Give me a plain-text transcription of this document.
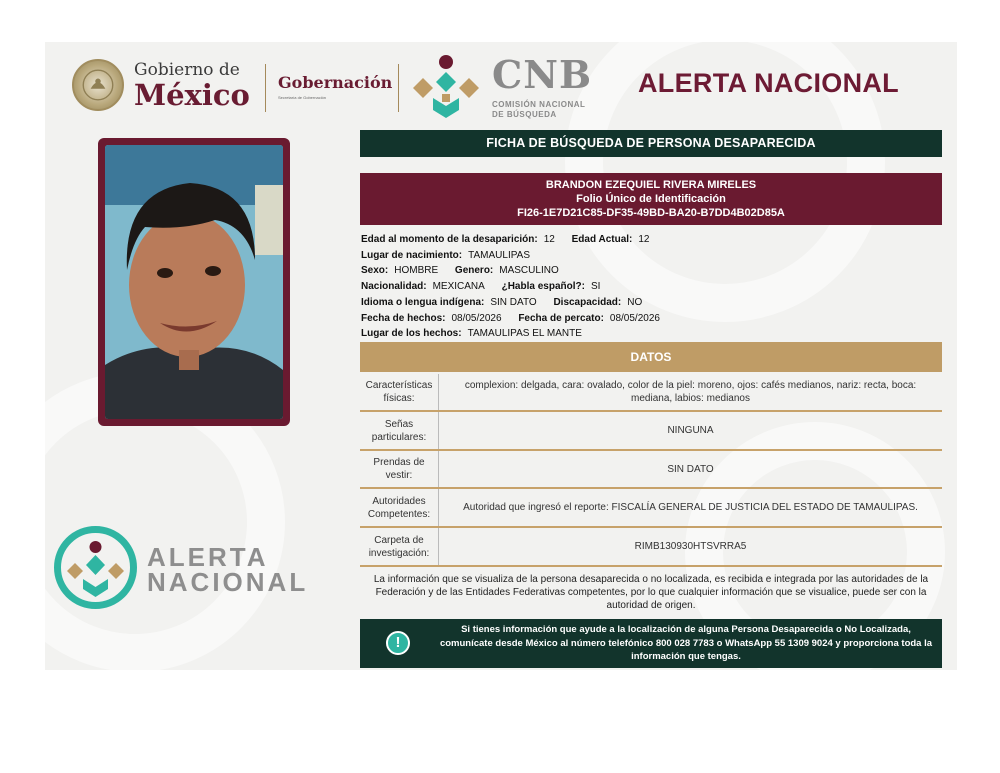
Gobierno de
México Gobernación
Secretaría de Gobernación
CNB
COMISIÓN NACIONAL
DE BÚSQUEDA
ALERTA NACIONAL
ALERTA
NACIONAL
FICHA DE BÚSQUEDA DE PERSONA DESAPARECIDA
BRANDON EZEQUIEL RIVERA MIRELES
Folio Único de Identificación
FI26-1E7D21C85-DF35-49BD-BA20-B7DD4B02D85A
Edad al momento de la desaparición: 12 Edad Actual: 12
Lugar de nacimiento: TAMAULIPAS
Sexo: HOMBRE Genero: MASCULINO
Nacionalidad: MEXICANA ¿Habla español?: SI
Idioma o lengua indígena: SIN DATO Discapacidad: NO
Fecha de hechos: 08/05/2026 Fecha de percato: 08/05/2026
Lugar de los hechos: TAMAULIPAS EL MANTE
DATOS
Características físicas:
complexion: delgada, cara: ovalado, color de la piel: moreno, ojos: cafés medianos, nariz: recta, boca: mediana, labios: medianos
Señas particulares:
NINGUNA
Prendas de vestir:
SIN DATO
Autoridades Competentes:
Autoridad que ingresó el reporte: FISCALÍA GENERAL DE JUSTICIA DEL ESTADO DE TAMAULIPAS.
Carpeta de investigación:
RIMB130930HTSVRRA5
La información que se visualiza de la persona desaparecida o no localizada, es recibida e integrada por las autoridades de la Federación y de las Entidades Federativas competentes, por lo que cualquier información que se visualice, puede ser con la autoridad de origen.
!
Si tienes información que ayude a la localización de alguna Persona Desaparecida o No Localizada, comunícate desde México al número telefónico 800 028 7783 o WhatsApp 55 1309 9024 y proporciona toda la información que tengas.
